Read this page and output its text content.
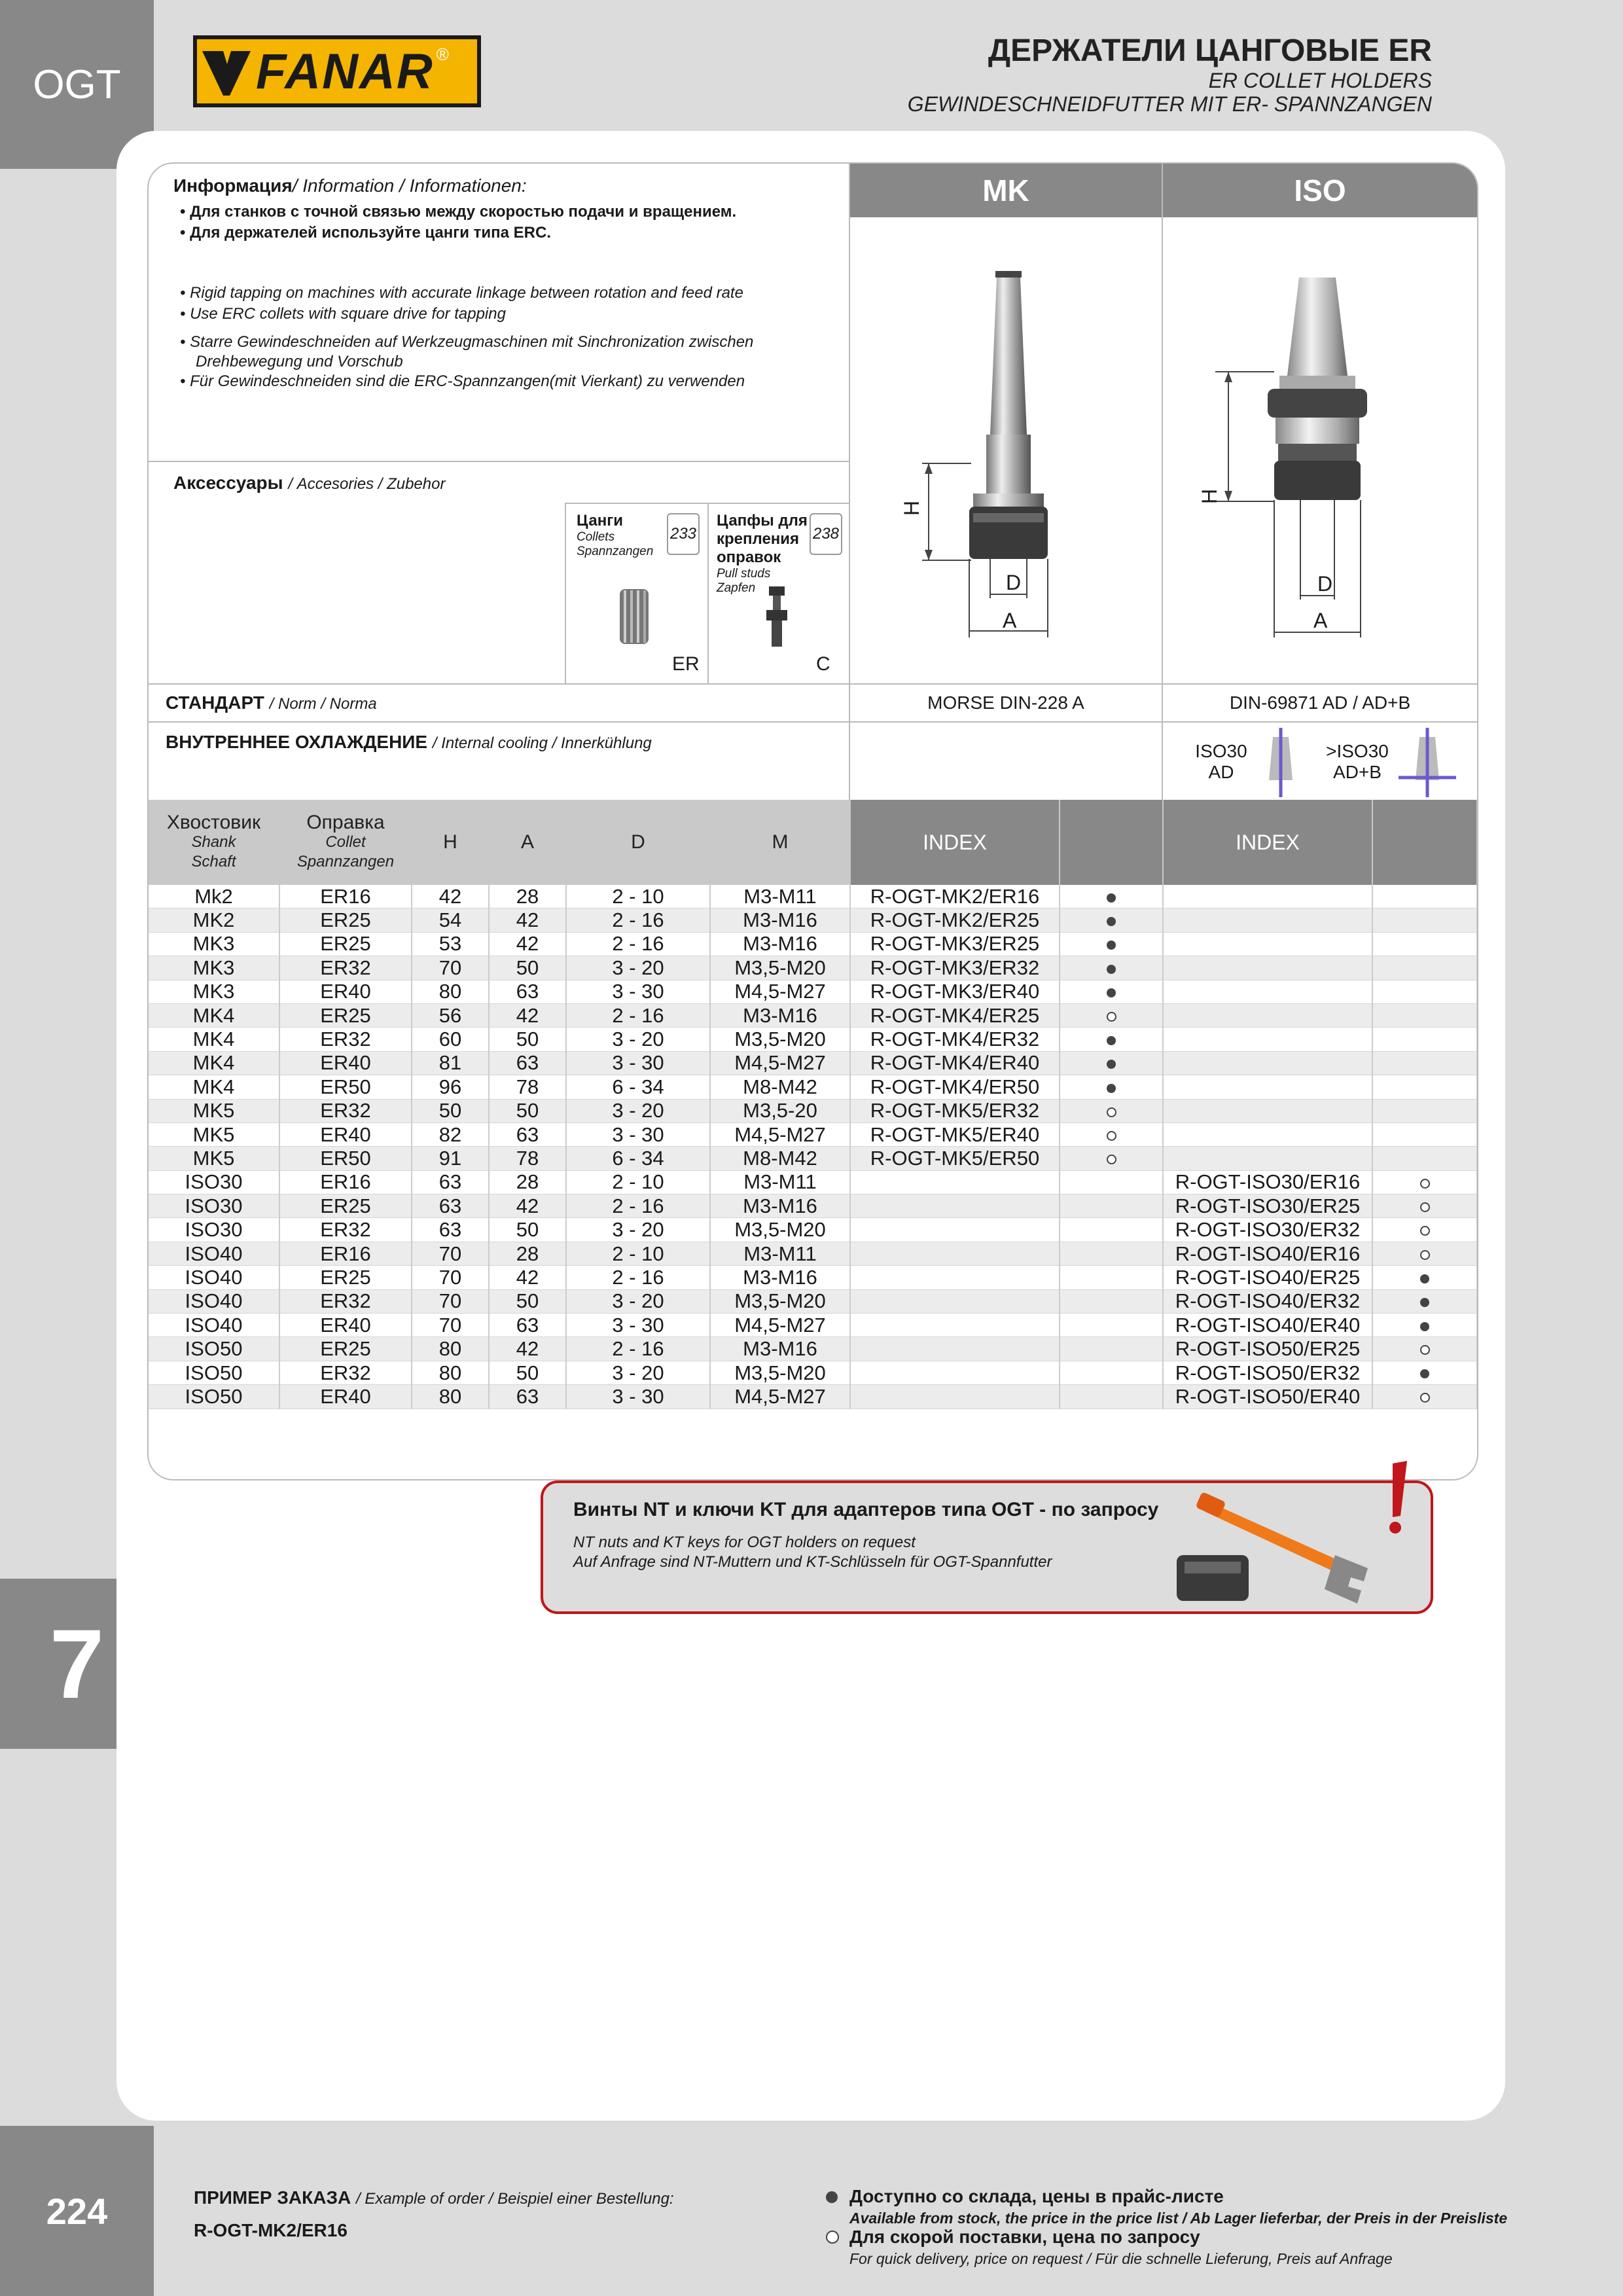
OGT
7
224
FANAR ®	ДЕРЖАТЕЛИ ЦАНГОВЫЕ ER
ER COLLET HOLDERS
GEWINDESCHNEIDFUTTER MIT ER- SPANNZANGEN
MK	ISO
Информация/ Information / Informationen:
• Для станков с точной связью между скоростью подачи и вращением.
• Для держателей используйте цанги типа ERC.
• Rigid tapping on machines with accurate linkage between rotation and feed rate
• Use ERC collets with square drive for tapping
• Starre Gewindeschneiden auf Werkzeugmaschinen mit Sinchronization zwischen
Drehbewegung und Vorschub
• Für Gewindeschneiden sind die ERC-Spannzangen(mit Vierkant) zu verwenden
Аксессуары / Accesories / Zubehor
Цанги
Collets
Spannzangen
233
ER
Цапфы для
крепления
оправок
Pull studs
Zapfen
238
C
H
D
A
H
D
A
СТАНДАРТ / Norm / Norma	MORSE DIN-228 A	DIN-69871 AD / AD+B
ВНУТРЕННЕЕ ОХЛАЖДЕНИЕ / Internal cooling / Innerkühlung	ISO30
AD
>ISO30
AD+B
Хвостовик
Shank
Schaft	Оправка
Collet
Spannzangen	H	A	D	M	INDEX		INDEX	
Mk2	ER16	42	28	2 - 10	M3-M11	R-OGT-MK2/ER16			
MK2	ER25	54	42	2 - 16	M3-M16	R-OGT-MK2/ER25			
MK3	ER25	53	42	2 - 16	M3-M16	R-OGT-MK3/ER25			
MK3	ER32	70	50	3 - 20	M3,5-M20	R-OGT-MK3/ER32			
MK3	ER40	80	63	3 - 30	M4,5-M27	R-OGT-MK3/ER40			
MK4	ER25	56	42	2 - 16	M3-M16	R-OGT-MK4/ER25			
MK4	ER32	60	50	3 - 20	M3,5-M20	R-OGT-MK4/ER32			
MK4	ER40	81	63	3 - 30	M4,5-M27	R-OGT-MK4/ER40			
MK4	ER50	96	78	6 - 34	M8-M42	R-OGT-MK4/ER50			
MK5	ER32	50	50	3 - 20	M3,5-20	R-OGT-MK5/ER32			
MK5	ER40	82	63	3 - 30	M4,5-M27	R-OGT-MK5/ER40			
MK5	ER50	91	78	6 - 34	M8-M42	R-OGT-MK5/ER50			
ISO30	ER16	63	28	2 - 10	M3-M11			R-OGT-ISO30/ER16	
ISO30	ER25	63	42	2 - 16	M3-M16			R-OGT-ISO30/ER25	
ISO30	ER32	63	50	3 - 20	M3,5-M20			R-OGT-ISO30/ER32	
ISO40	ER16	70	28	2 - 10	M3-M11			R-OGT-ISO40/ER16	
ISO40	ER25	70	42	2 - 16	M3-M16			R-OGT-ISO40/ER25	
ISO40	ER32	70	50	3 - 20	M3,5-M20			R-OGT-ISO40/ER32	
ISO40	ER40	70	63	3 - 30	M4,5-M27			R-OGT-ISO40/ER40	
ISO50	ER25	80	42	2 - 16	M3-M16			R-OGT-ISO50/ER25	
ISO50	ER32	80	50	3 - 20	M3,5-M20			R-OGT-ISO50/ER32	
ISO50	ER40	80	63	3 - 30	M4,5-M27			R-OGT-ISO50/ER40	
Винты NT и ключи KT для адаптеров типа OGT - по запросу
NT nuts and KT keys for OGT holders on request
Auf Anfrage sind NT-Muttern und KT-Schlüsseln für OGT-Spannfutter
ПРИМЕР ЗАКАЗА / Example of order / Beispiel einer Bestellung:
R-OGT-MK2/ER16
Доступно со склада, цены в прайс-листе
Available from stock, the price in the price list / Ab Lager lieferbar, der Preis in der Preisliste
Для скорой поставки, цена по запросу
For quick delivery, price on request / Für die schnelle Lieferung, Preis auf Anfrage
